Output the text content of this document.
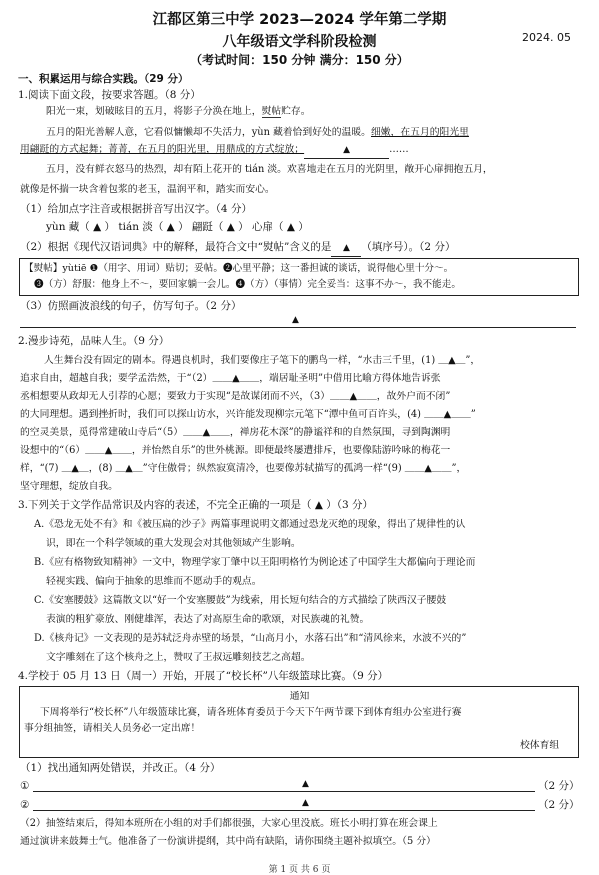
江都区第三中学 2023—2024 学年第二学期
八年级语文学科阶段检测	2024. 05
（考试时间：150 分钟 满分：150 分）
一、积累运用与综合实践。（29 分）
1.阅读下面文段，按要求答题。（8 分）
阳光一束，划破眩目的五月，将影子分涣在地上，熨帖贮存。
五月的阳光善解人意，它看似慵懒却不失活力，yùn 藏着恰到好处的温暖。细嫩，在五月的阳光里
用翩跹的方式起舞；菁菁，在五月的阳光里，用鼎成的方式绽放；	▲	……
五月，没有鲜衣怒马的热烈，却有陌上花开的 tián 淡。欢喜地走在五月的光阴里，敞开心扉拥抱五月，
就像是怀揣一块含着包浆的老玉，温润平和，踏实而安心。
（1）给加点字注音或根据拼音写出汉字。（4 分）
yùn 藏（ ▲ ） tián 淡（ ▲ ） 翩跹（ ▲ ） 心扉（ ▲ ）
（2）根据《现代汉语词典》中的解释，最符合文中“熨帖”含义的是 ▲ （填序号）。（2 分）
【熨帖】yùtiē ❶（用字、用词）贴切；妥帖。❷心里平静；这一番担诚的谈话，说得他心里十分～。
❸（方）舒服：他身上不～，要回家躺一会儿。❹（方）（事情）完全妥当：这事不办～，我不能走。
（3）仿照画波浪线的句子，仿写句子。（2 分）
▲
2.漫步诗苑，品味人生。（9 分）
人生舞台没有固定的剧本。得遇良机时，我们要像庄子笔下的鹏鸟一样，“水击三千里，(1) ＿▲＿”，
追求自由，超越自我；要学孟浩然，于“（2）＿＿▲＿＿，端居耻圣明”中借用比喻方得体地告诉张
丞相想要从政却无人引荐的心愿；要致力于实现“是故谋闭而不兴，（3）＿＿▲＿＿，故外户而不闭”
的大同理想。遇到挫折时，我们可以探山访水，兴许能发现柳宗元笔下“潭中鱼可百许头，(4) ＿＿▲＿＿”
的空灵美景，觅得常建破山寺后“（5）＿＿▲＿＿，禅房花木深”的静谧祥和的自然氛围，寻到陶渊明
设想中的“（6）＿＿▲＿＿，并怡然自乐”的世外桃源。即便最终屡遭排斥，也要像陆游吟咏的梅花一
样，“(7) ＿▲＿，(8) ＿▲＿”守住傲骨；纵然寂寞清冷，也要像苏轼描写的孤鸿一样“(9) ＿＿▲＿＿”，
坚守理想，绽放自我。
3.下列关于文学作品常识及内容的表述，不完全正确的一项是（ ▲ ）（3 分）
A.《恐龙无处不有》和《被压扁的沙子》两篇事理说明文都通过恐龙灭绝的现象，得出了规律性的认
识，即在一个科学领域的重大发现会对其他领域产生影响。
B.《应有格物致知精神》一文中，物理学家丁肇中以王阳明格竹为例论述了中国学生大都偏向于理论而
轻视实践、偏向于抽象的思维而不愿动手的观点。
C.《安塞腰鼓》这篇散文以“好一个安塞腰鼓”为线索，用长短句结合的方式描绘了陕西汉子腰鼓
表演的粗犷豪放、刚健雄浑，表达了对高原生命的歌颂，对民族魂的礼赞。
D.《核舟记》一文表现的是苏轼泛舟赤壁的场景，“山高月小，水落石出”和“清风徐来，水波不兴的”
文字雕刻在了这个核舟之上，赞叹了王叔远雕刻技艺之高超。
4.学校于 05 月 13 日（周一）开始，开展了“校长杯”八年级篮球比赛。（9 分）
通知
下周将举行“校长杯”八年级篮球比赛，请各班体育委员于今天下午两节课下到体育组办公室进行赛
事分组抽签，请相关人员务必一定出席！
校体育组
（1）找出通知两处错误，并改正。（4 分）
①	▲	（2 分）
②	▲	（2 分）
（2）抽签结束后，得知本班所在小组的对手们都很强，大家心里没底。班长小明打算在班会课上
通过演讲来鼓舞士气。他准备了一份演讲提纲，其中尚有缺陷，请你围绕主题补拟填空。（5 分）
第 1 页 共 6 页
